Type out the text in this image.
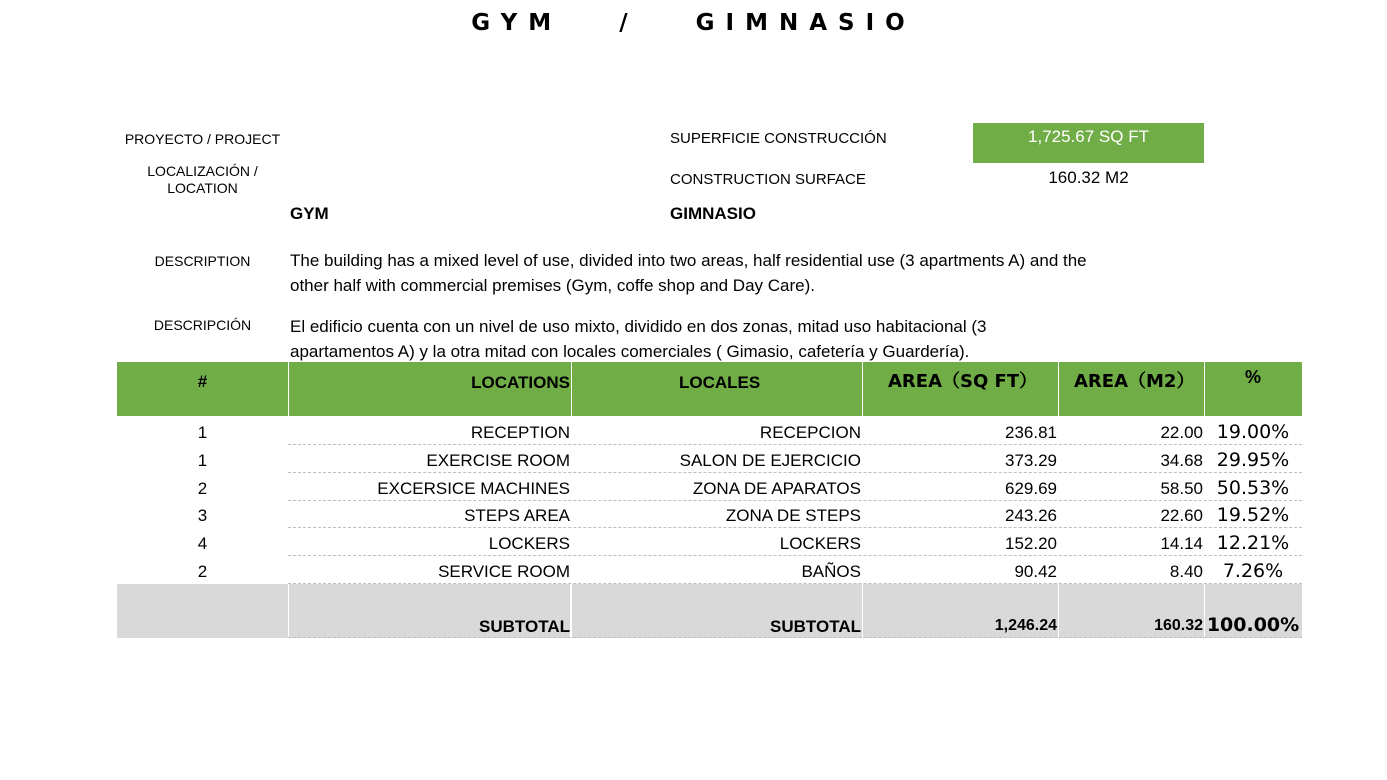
GYM   /   GIMNASIO
PROYECTO / PROJECT
LOCALIZACIÓN /
LOCATION
SUPERFICIE CONSTRUCCIÓN
CONSTRUCTION SURFACE
1,725.67 SQ FT
160.32 M2
GYM	GIMNASIO
DESCRIPTION	The building has a mixed level of use, divided into two areas, half residential use (3 apartments A) and the
other half with commercial premises (Gym, coffe shop and Day Care).
DESCRIPCIÓN	El edificio cuenta con un nivel de uso mixto, dividido en dos zonas, mitad uso habitacional (3
apartamentos A) y la otra mitad con locales comerciales ( Gimasio, cafetería y Guardería).
#	LOCATIONS	LOCALES	AREA（SQ FT） AREA（M2）	%
1	RECEPTION	RECEPCION	236.81	22.00 19.00%
1	EXERCISE ROOM	SALON DE EJERCICIO	373.29	34.68 29.95%
2	EXCERSICE MACHINES	ZONA DE APARATOS	629.69	58.50 50.53%
3	STEPS AREA	ZONA DE STEPS	243.26	22.60 19.52%
4	LOCKERS	LOCKERS	152.20	14.14 12.21%
2	SERVICE ROOM	BAÑOS	90.42	8.40	7.26%
SUBTOTAL	SUBTOTAL	1,246.24	160.32 100.00%
